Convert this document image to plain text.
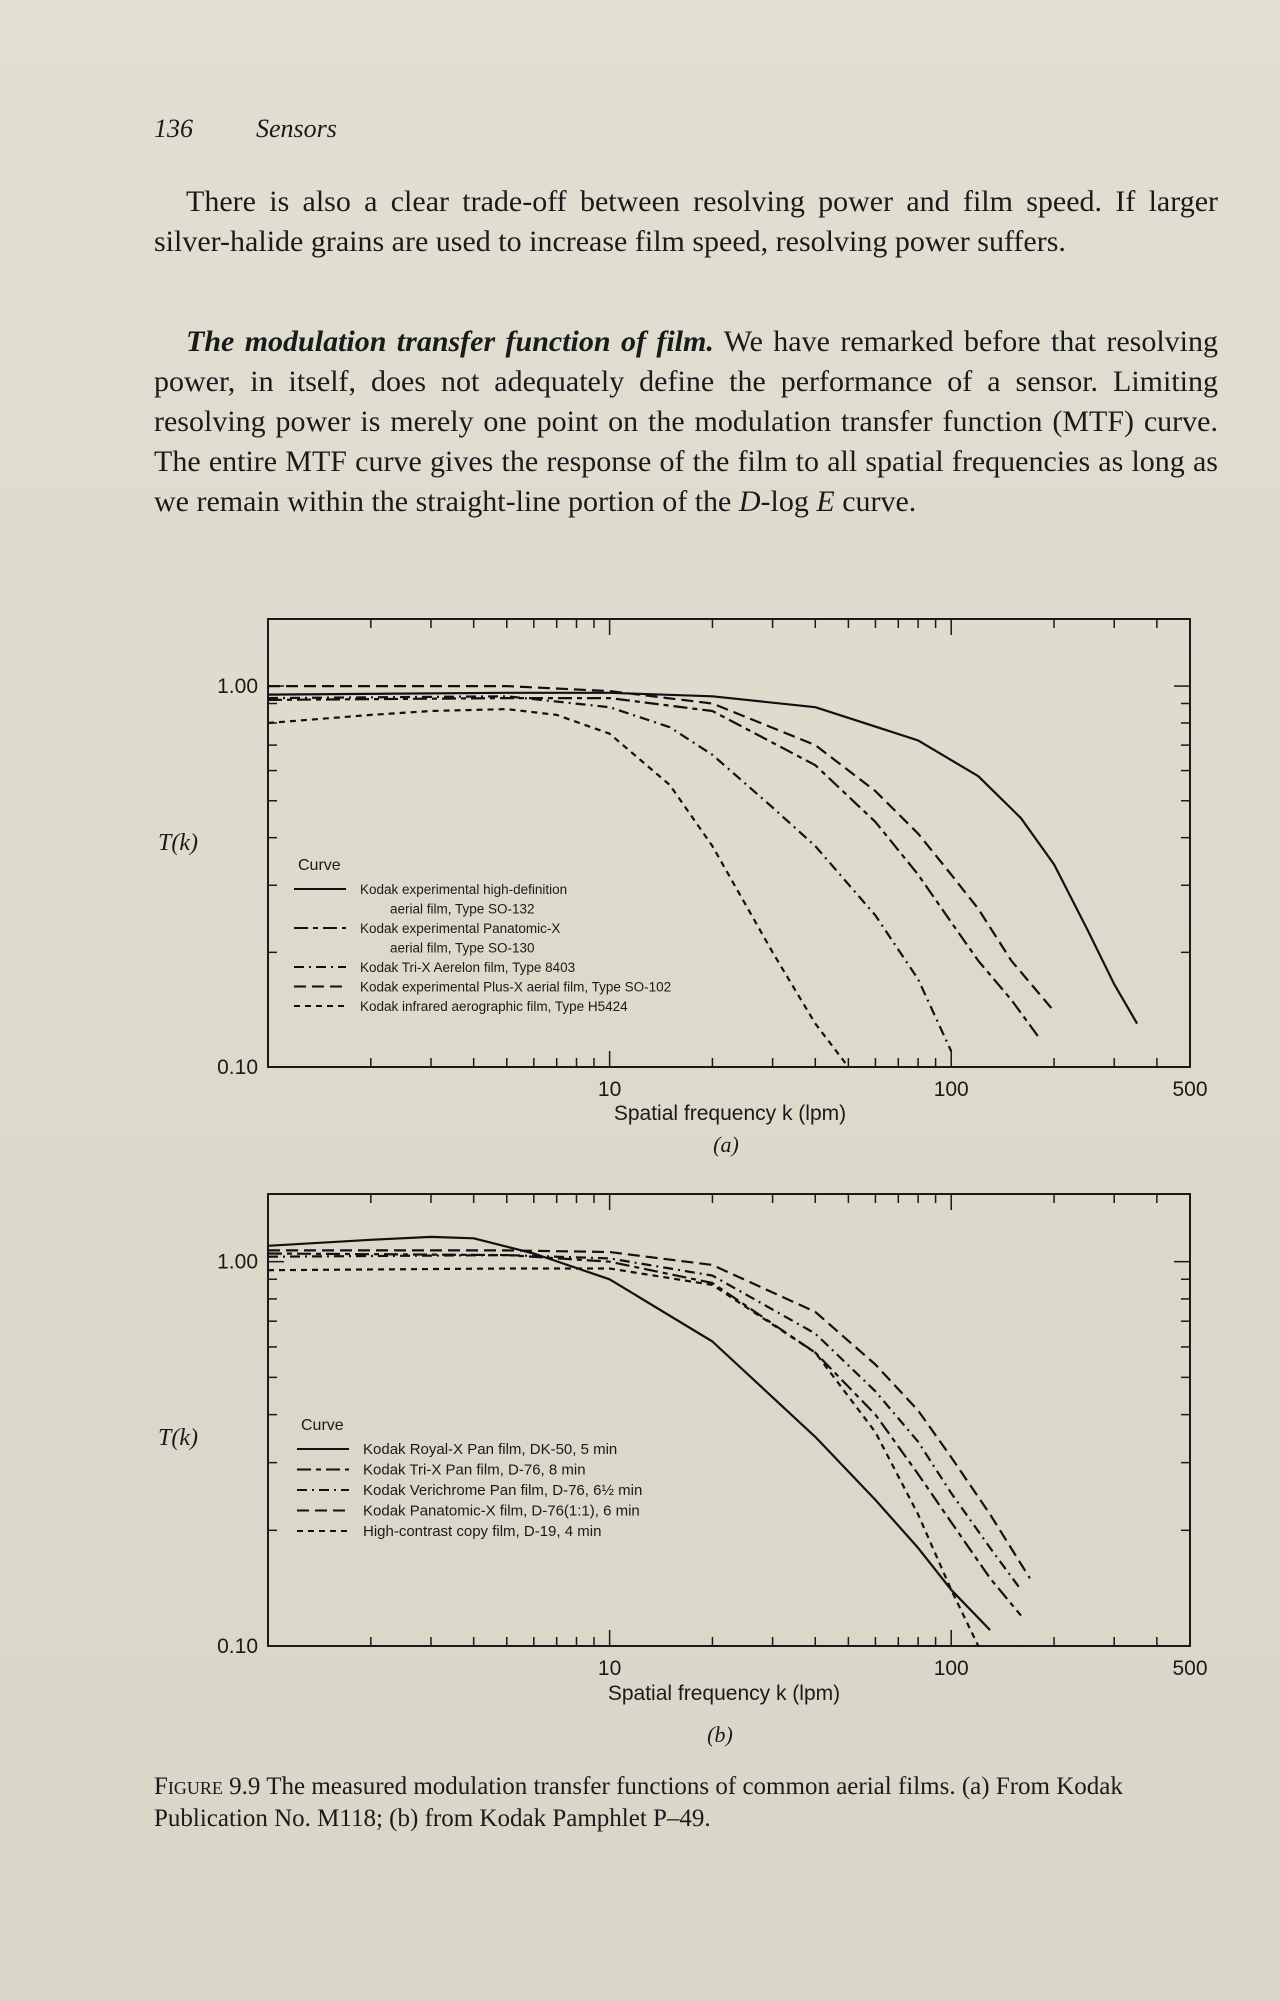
136 Sensors

There is also a clear trade-off between resolving power and film speed. If larger silver-halide grains are used to increase film speed, resolving power suffers.

The modulation transfer function of film. We have remarked before that resolving power, in itself, does not adequately define the performance of a sensor. Limiting resolving power is merely one point on the modulation transfer function (MTF) curve. The entire MTF curve gives the response of the film to all spatial frequencies as long as we remain within the straight-line portion of the D-log E curve.

10	100	500
1.00
0.10
Spatial frequency k (lpm)
T(k)
(a)
Curve
Kodak experimental high-definition
aerial film, Type SO-132
Kodak experimental Panatomic-X
aerial film, Type SO-130
Kodak Tri-X Aerelon film, Type 8403
Kodak experimental Plus-X aerial film, Type SO-102
Kodak infrared aerographic film, Type H5424
10	100	500
1.00
0.10
Spatial frequency k (lpm)
T(k)
(b)
Curve
Kodak Royal-X Pan film, DK-50, 5 min
Kodak Tri-X Pan film, D-76, 8 min
Kodak Verichrome Pan film, D-76, 6½ min
Kodak Panatomic-X film, D-76(1:1), 6 min
High-contrast copy film, D-19, 4 min

Figure 9.9 The measured modulation transfer functions of common aerial films. (a) From Kodak Publication No. M118; (b) from Kodak Pamphlet P–49.
